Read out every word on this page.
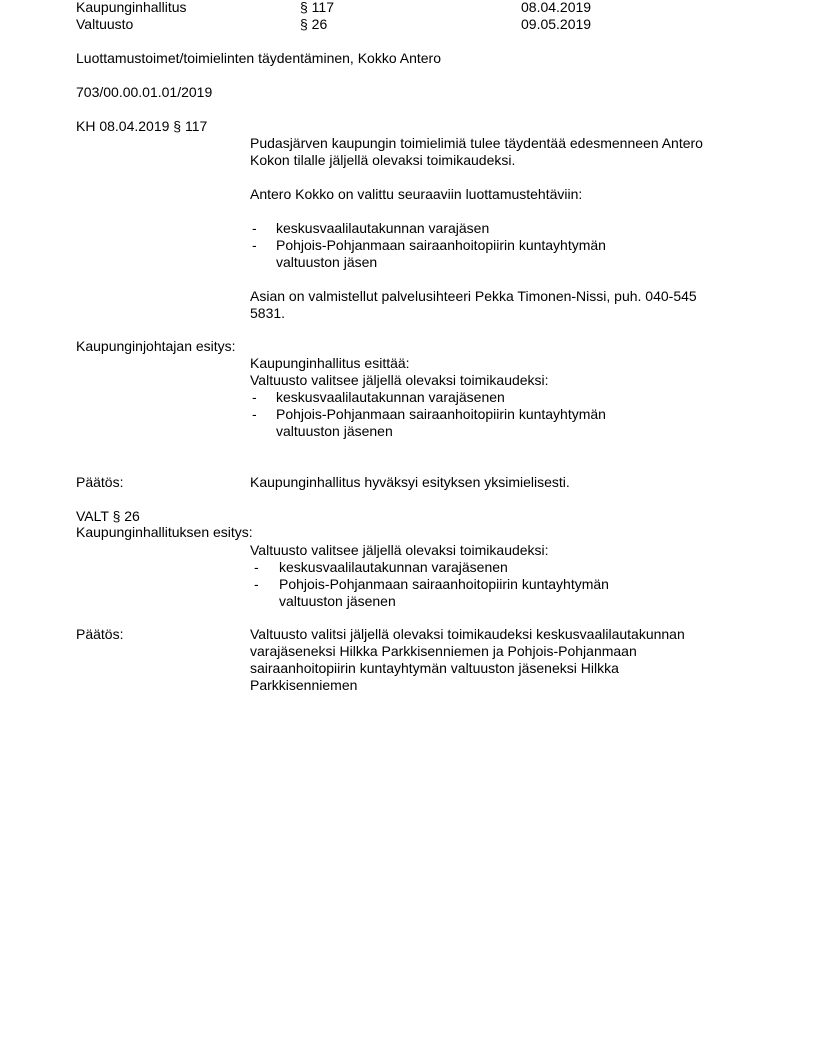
Kaupunginhallitus	§ 117	08.04.2019
Valtuusto	§ 26	09.05.2019
Luottamustoimet/toimielinten täydentäminen, Kokko Antero
703/00.00.01.01/2019
KH 08.04.2019 § 117
Pudasjärven kaupungin toimielimiä tulee täydentää edesmenneen Antero
Kokon tilalle jäljellä olevaksi toimikaudeksi.
Antero Kokko on valittu seuraaviin luottamustehtäviin:
- keskusvaalilautakunnan varajäsen
- Pohjois-Pohjanmaan sairaanhoitopiirin kuntayhtymän
valtuuston jäsen
Asian on valmistellut palvelusihteeri Pekka Timonen-Nissi, puh. 040-545
5831.
Kaupunginjohtajan esitys:
Kaupunginhallitus esittää:
Valtuusto valitsee jäljellä olevaksi toimikaudeksi:
- keskusvaalilautakunnan varajäsenen
- Pohjois-Pohjanmaan sairaanhoitopiirin kuntayhtymän
valtuuston jäsenen
Päätös:	Kaupunginhallitus hyväksyi esityksen yksimielisesti.
VALT § 26
Kaupunginhallituksen esitys:
Valtuusto valitsee jäljellä olevaksi toimikaudeksi:
- keskusvaalilautakunnan varajäsenen
- Pohjois-Pohjanmaan sairaanhoitopiirin kuntayhtymän
valtuuston jäsenen
Päätös:	Valtuusto valitsi jäljellä olevaksi toimikaudeksi keskusvaalilautakunnan
varajäseneksi Hilkka Parkkisenniemen ja Pohjois-Pohjanmaan
sairaanhoitopiirin kuntayhtymän valtuuston jäseneksi Hilkka
Parkkisenniemen
